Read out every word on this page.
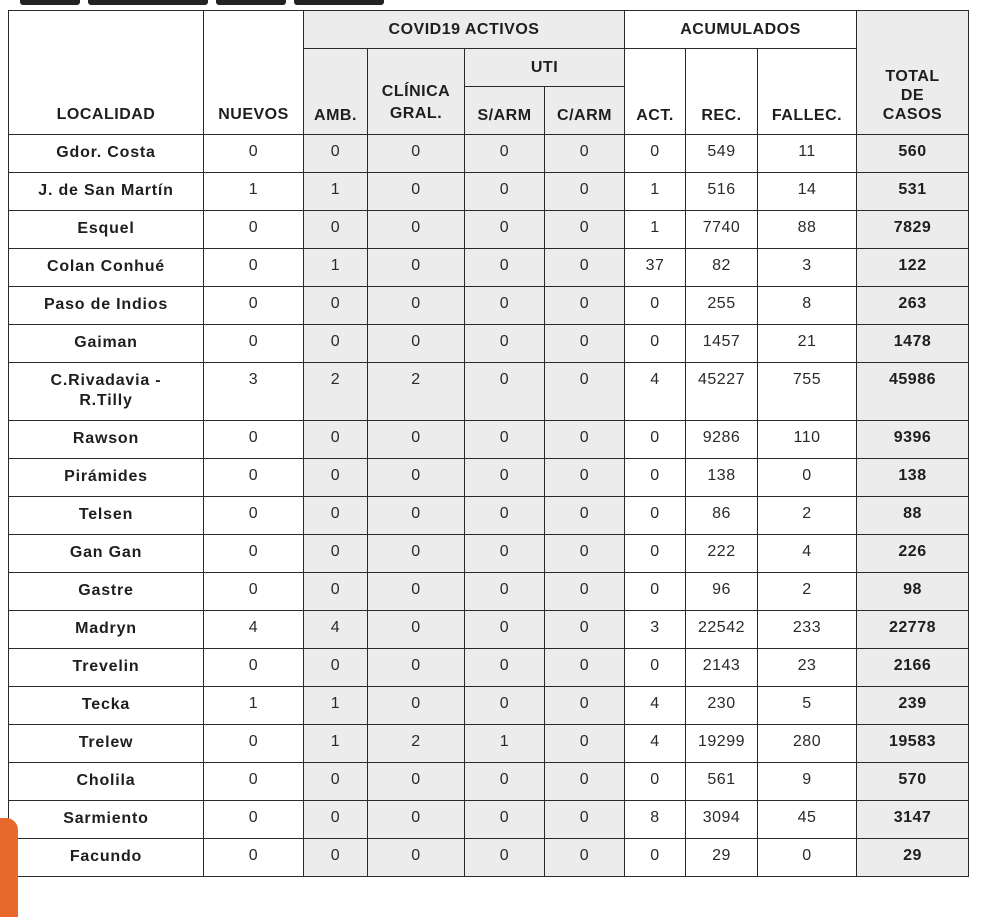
LOCALIDAD	NUEVOS	COVID19 ACTIVOS				ACUMULADOS			TOTAL
DE
CASOS
		AMB.	CLÍNICA
GRAL.	UTI		ACT.	REC.	FALLEC.	
				S/ARM	C/ARM				
Gdor. Costa	0	0	0	0	0	0	549	11	560
J. de San Martín	1	1	0	0	0	1	516	14	531
Esquel	0	0	0	0	0	1	7740	88	7829
Colan Conhué	0	1	0	0	0	37	82	3	122
Paso de Indios	0	0	0	0	0	0	255	8	263
Gaiman	0	0	0	0	0	0	1457	21	1478
C.Rivadavia - R.Tilly	3	2	2	0	0	4	45227	755	45986
Rawson	0	0	0	0	0	0	9286	110	9396
Pirámides	0	0	0	0	0	0	138	0	138
Telsen	0	0	0	0	0	0	86	2	88
Gan Gan	0	0	0	0	0	0	222	4	226
Gastre	0	0	0	0	0	0	96	2	98
Madryn	4	4	0	0	0	3	22542	233	22778
Trevelin	0	0	0	0	0	0	2143	23	2166
Tecka	1	1	0	0	0	4	230	5	239
Trelew	0	1	2	1	0	4	19299	280	19583
Cholila	0	0	0	0	0	0	561	9	570
Sarmiento	0	0	0	0	0	8	3094	45	3147
Facundo	0	0	0	0	0	0	29	0	29
